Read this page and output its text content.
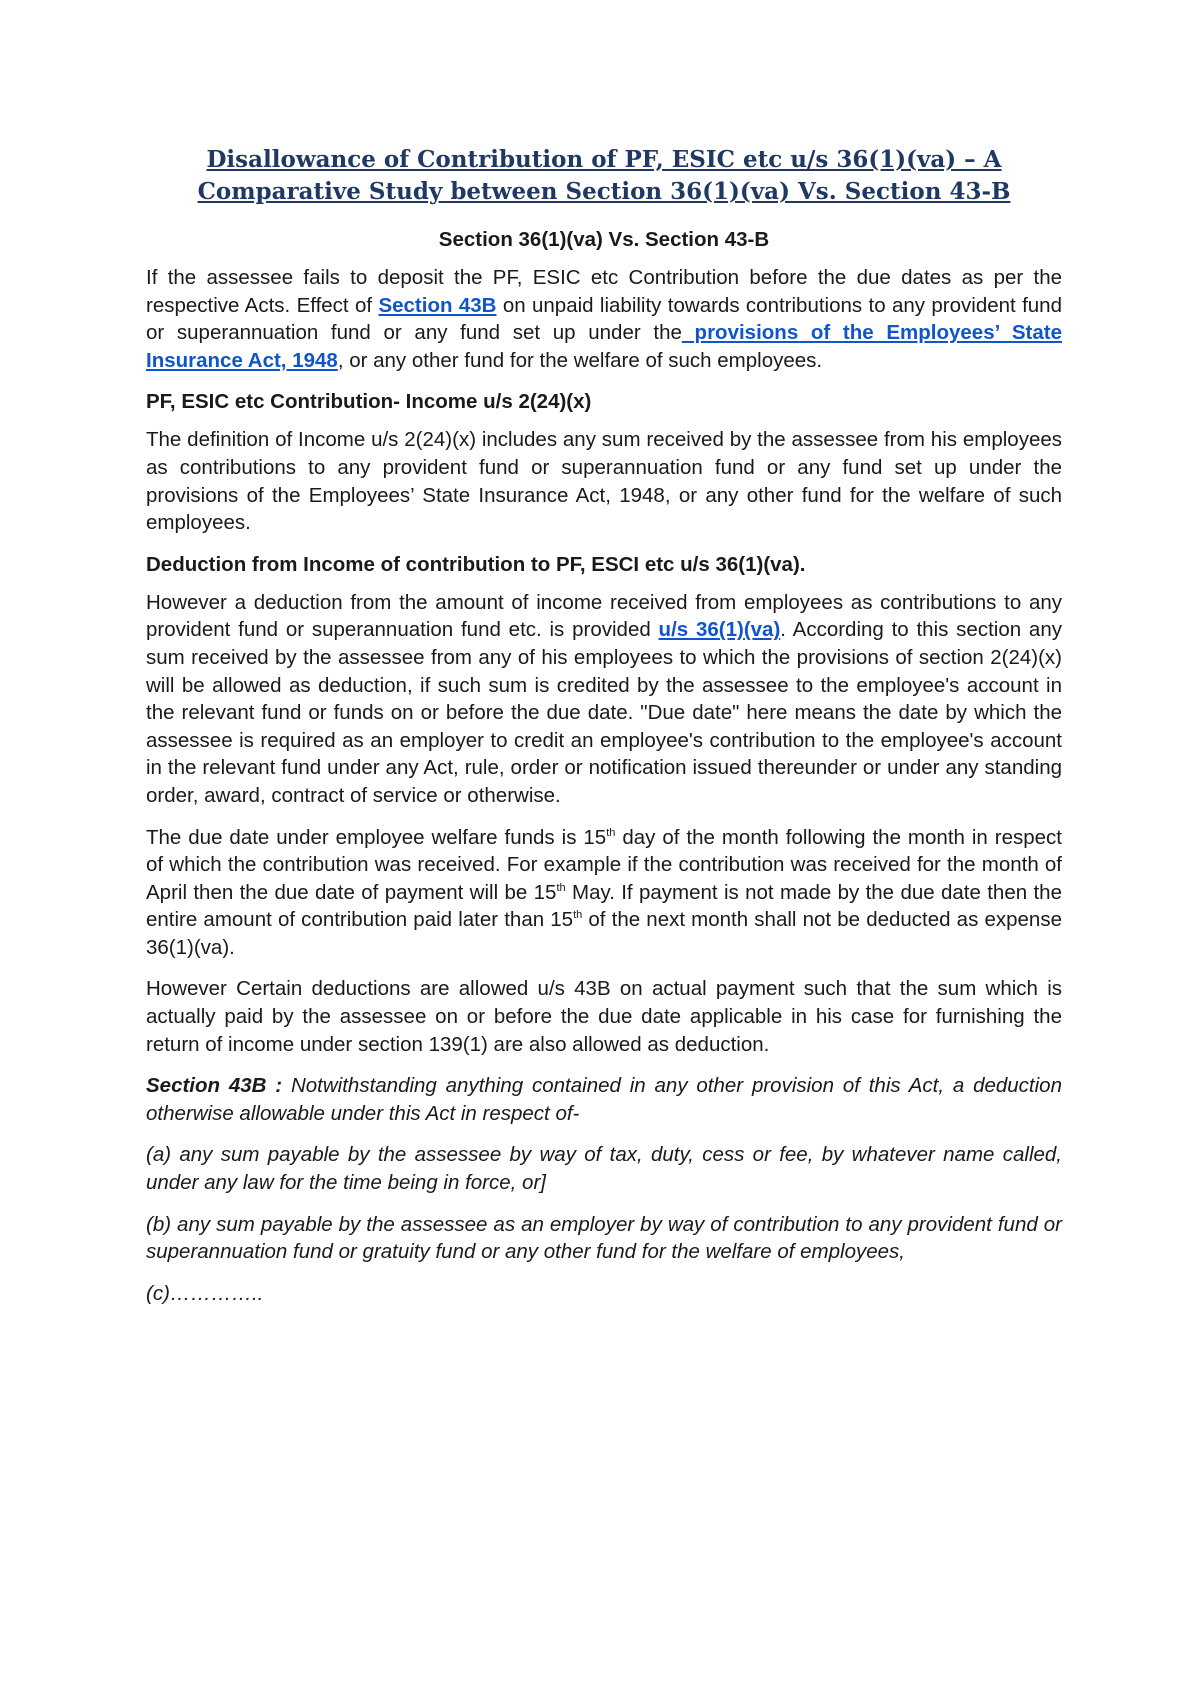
Disallowance of Contribution of PF, ESIC etc u/s 36(1)(va) – A
Comparative Study between Section 36(1)(va) Vs. Section 43-B
Section 36(1)(va) Vs. Section 43-B

If the assessee fails to deposit the PF, ESIC etc Contribution before the due dates as per the respective Acts. Effect of Section 43B on unpaid liability towards contributions to any provident fund or superannuation fund or any fund set up under the provisions of the Employees’ State Insurance Act, 1948, or any other fund for the welfare of such employees.

PF, ESIC etc Contribution- Income u/s 2(24)(x)

The definition of Income u/s 2(24)(x) includes any sum received by the assessee from his employees as contributions to any provident fund or superannuation fund or any fund set up under the provisions of the Employees’ State Insurance Act, 1948, or any other fund for the welfare of such employees.

Deduction from Income of contribution to PF, ESCI etc u/s 36(1)(va).

However a deduction from the amount of income received from employees as contributions to any provident fund or superannuation fund etc. is provided u/s 36(1)(va). According to this section any sum received by the assessee from any of his employees to which the provisions of section 2(24)(x) will be allowed as deduction, if such sum is credited by the assessee to the employee's account in the relevant fund or funds on or before the due date. "Due date" here means the date by which the assessee is required as an employer to credit an employee's contribution to the employee's account in the relevant fund under any Act, rule, order or notification issued thereunder or under any standing order, award, contract of service or otherwise.

The due date under employee welfare funds is 15th day of the month following the month in respect of which the contribution was received. For example if the contribution was received for the month of April then the due date of payment will be 15th May. If payment is not made by the due date then the entire amount of contribution paid later than 15th of the next month shall not be deducted as expense 36(1)(va).

However Certain deductions are allowed u/s 43B on actual payment such that the sum which is actually paid by the assessee on or before the due date applicable in his case for furnishing the return of income under section 139(1) are also allowed as deduction.

Section 43B : Notwithstanding anything contained in any other provision of this Act, a deduction otherwise allowable under this Act in respect of-

(a) any sum payable by the assessee by way of tax, duty, cess or fee, by whatever name called, under any law for the time being in force, or]

(b) any sum payable by the assessee as an employer by way of contribution to any provident fund or superannuation fund or gratuity fund or any other fund for the welfare of employees,

(c)…………..
